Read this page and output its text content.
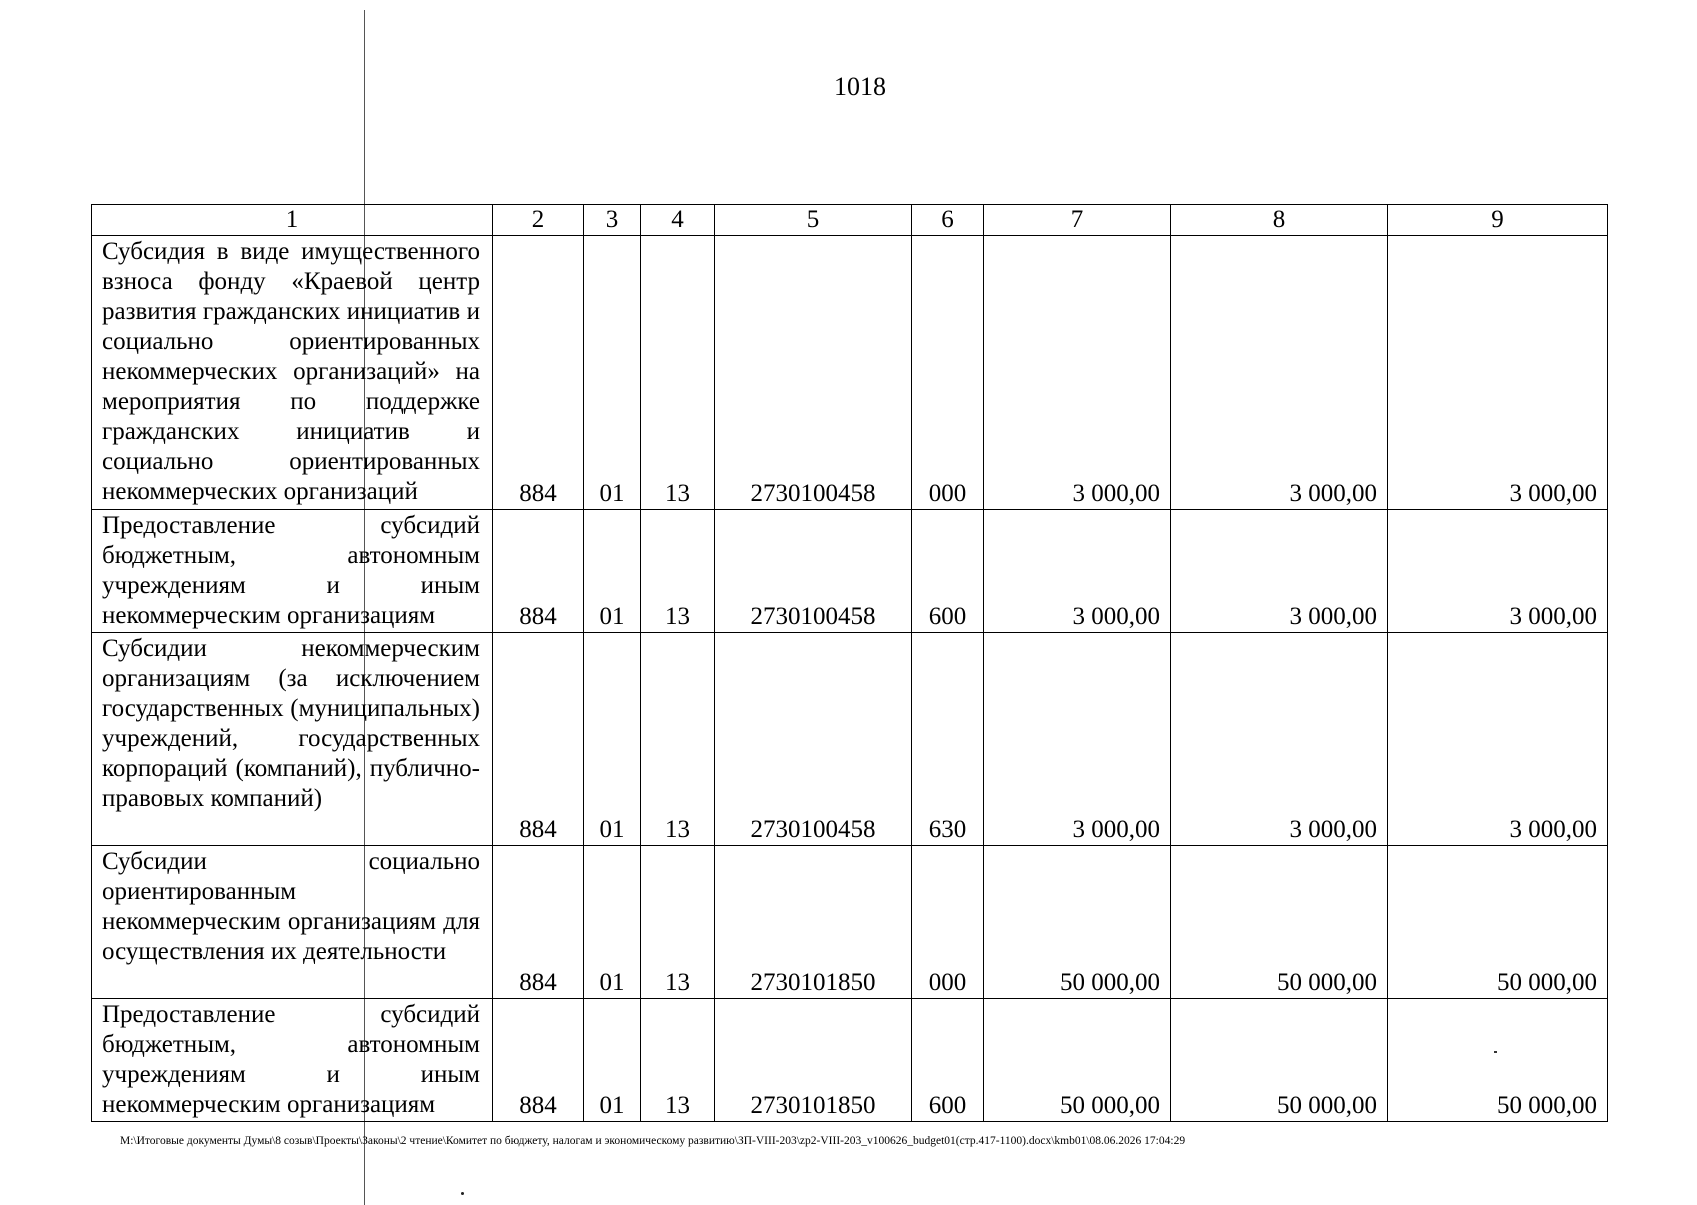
1018
1	2	3	4	5	6	7	8	9
Субсидия в виде имущественного взноса фонду «Краевой центр развития гражданских инициатив и социально ориентированных некоммерческих организаций» на мероприятия по поддержке гражданских инициатив и социально ориентированных некоммерческих организаций	884	01	13	2730100458	000	3 000,00	3 000,00	3 000,00
Предоставление субсидий бюджетным, автономным учреждениям и иным некоммерческим организациям	884	01	13	2730100458	600	3 000,00	3 000,00	3 000,00
Субсидии некоммерческим организациям (за исключением государственных (муниципальных) учреждений, государственных корпораций (компаний), публично-правовых компаний)	884	01	13	2730100458	630	3 000,00	3 000,00	3 000,00
Субсидии социально ориентированным некоммерческим организациям для осуществления их деятельности	884	01	13	2730101850	000	50 000,00	50 000,00	50 000,00
Предоставление субсидий бюджетным, автономным учреждениям и иным некоммерческим организациям	884	01	13	2730101850	600	50 000,00	50 000,00	50 000,00
M:\Итоговые документы Думы\8 созыв\Проекты\Законы\2 чтение\Комитет по бюджету, налогам и экономическому развитию\ЗП-VIII-203\zp2-VIII-203_v100626_budget01(стр.417-1100).docx\kmb01\08.06.2026 17:04:29
